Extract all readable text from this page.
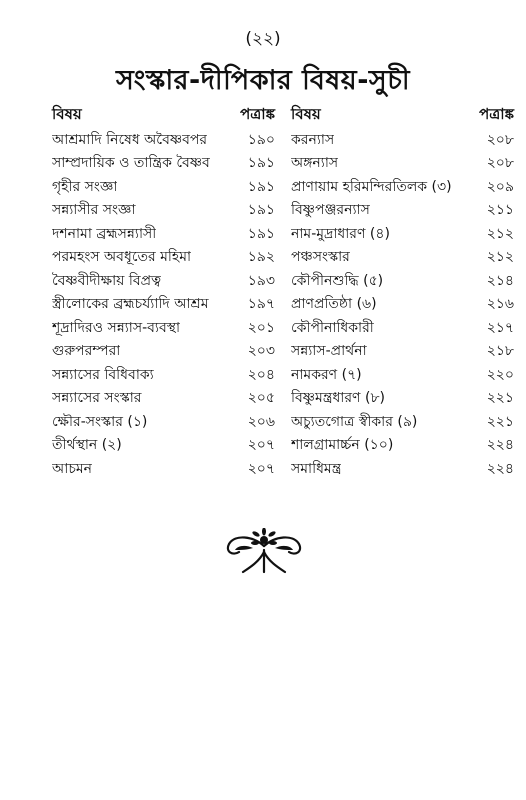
(২২)
সংস্কার-দীপিকার বিষয়-সুচী
বিষয়	পত্রাঙ্ক
আশ্রমাদি নিষেধ অবৈষ্ণবপর	১৯০
সাম্প্রদায়িক ও তান্ত্রিক বৈষ্ণব	১৯১
গৃহীর সংজ্ঞা	১৯১
সন্ন্যাসীর সংজ্ঞা	১৯১
দশনামা ব্রহ্মসন্ন্যাসী	১৯১
পরমহংস অবধূতের মহিমা	১৯২
বৈষ্ণবীদীক্ষায় বিপ্রত্ব	১৯৩
স্ত্রীলোকের ব্রহ্মচর্য্যাদি আশ্রম	১৯৭
শূদ্রাদিরও সন্ন্যাস-ব্যবস্থা	২০১
গুরুপরম্পরা	২০৩
সন্ন্যাসের বিধিবাক্য	২০৪
সন্ন্যাসের সংস্কার	২০৫
ক্ষৌর-সংস্কার (১)	২০৬
তীর্থস্থান (২)	২০৭
আচমন	২০৭
বিষয়	পত্রাঙ্ক
করন্যাস	২০৮
অঙ্গন্যাস	২০৮
প্রাণায়াম হরিমন্দিরতিলক (৩)	২০৯
বিষ্ণুপঞ্জরন্যাস	২১১
নাম-মুদ্রাধারণ (৪)	২১২
পঞ্চসংস্কার	২১২
কৌপীনশুদ্ধি (৫)	২১৪
প্রাণপ্রতিষ্ঠা (৬)	২১৬
কৌপীনাধিকারী	২১৭
সন্ন্যাস-প্রার্থনা	২১৮
নামকরণ (৭)	২২০
বিষ্ণুমন্ত্রধারণ (৮)	২২১
অচ্যুতগোত্র স্বীকার (৯)	২২১
শালগ্রামার্চ্চন (১০)	২২৪
সমাধিমন্ত্র	২২৪
